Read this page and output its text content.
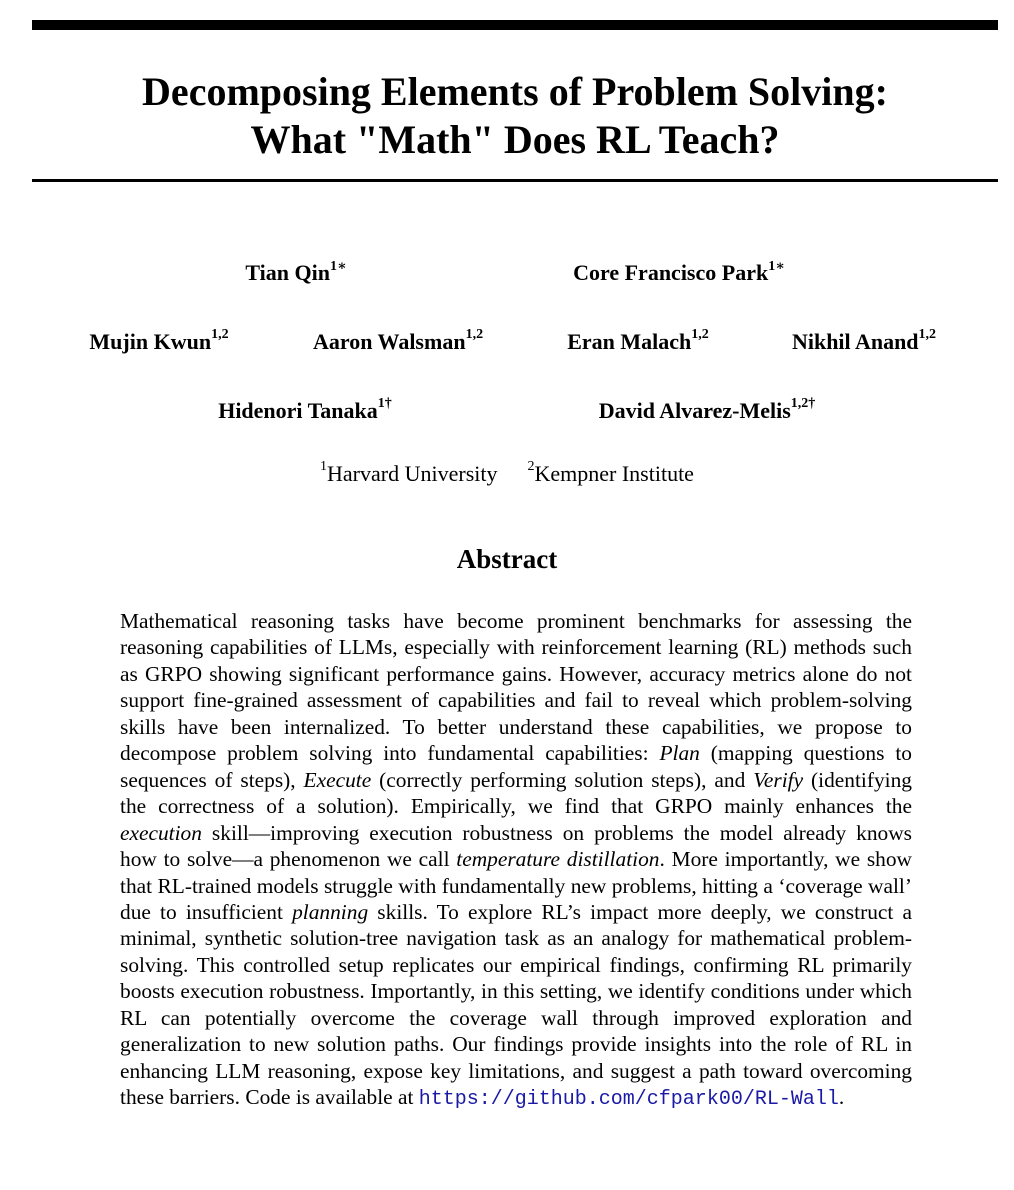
Decomposing Elements of Problem Solving:
What "Math" Does RL Teach?
Tian Qin$^{1∗}$	Core Francisco Park$^{1∗}$
Mujin Kwun$^{1,2}$	Aaron Walsman$^{1,2}$	Eran Malach$^{1,2}$	Nikhil Anand$^{1,2}$
Hidenori Tanaka$^{1\dagger}$	David Alvarez-Melis$^{1,2\dagger}$
$^1$Harvard University $^2$Kempner Institute
Abstract

Mathematical reasoning tasks have become prominent benchmarks for assessing the reasoning capabilities of LLMs, especially with reinforcement learning (RL) methods such as GRPO showing significant performance gains. However, accuracy metrics alone do not support fine-grained assessment of capabilities and fail to reveal which problem-solving skills have been internalized. To better understand these capabilities, we propose to decompose problem solving into fundamental capabilities: Plan (mapping questions to sequences of steps), Execute (correctly performing solution steps), and Verify (identifying the correctness of a solution). Empirically, we find that GRPO mainly enhances the execution skill—improving execution robustness on problems the model already knows how to solve—a phenomenon we call temperature distillation. More importantly, we show that RL-trained models struggle with fundamentally new problems, hitting a ‘coverage wall’ due to insufficient planning skills. To explore RL’s impact more deeply, we construct a minimal, synthetic solution-tree navigation task as an analogy for mathematical problem-solving. This controlled setup replicates our empirical findings, confirming RL primarily boosts execution robustness. Importantly, in this setting, we identify conditions under which RL can potentially overcome the coverage wall through improved exploration and generalization to new solution paths. Our findings provide insights into the role of RL in enhancing LLM reasoning, expose key limitations, and suggest a path toward overcoming these barriers. Code is available at https://github.com/cfpark00/RL-Wall.
